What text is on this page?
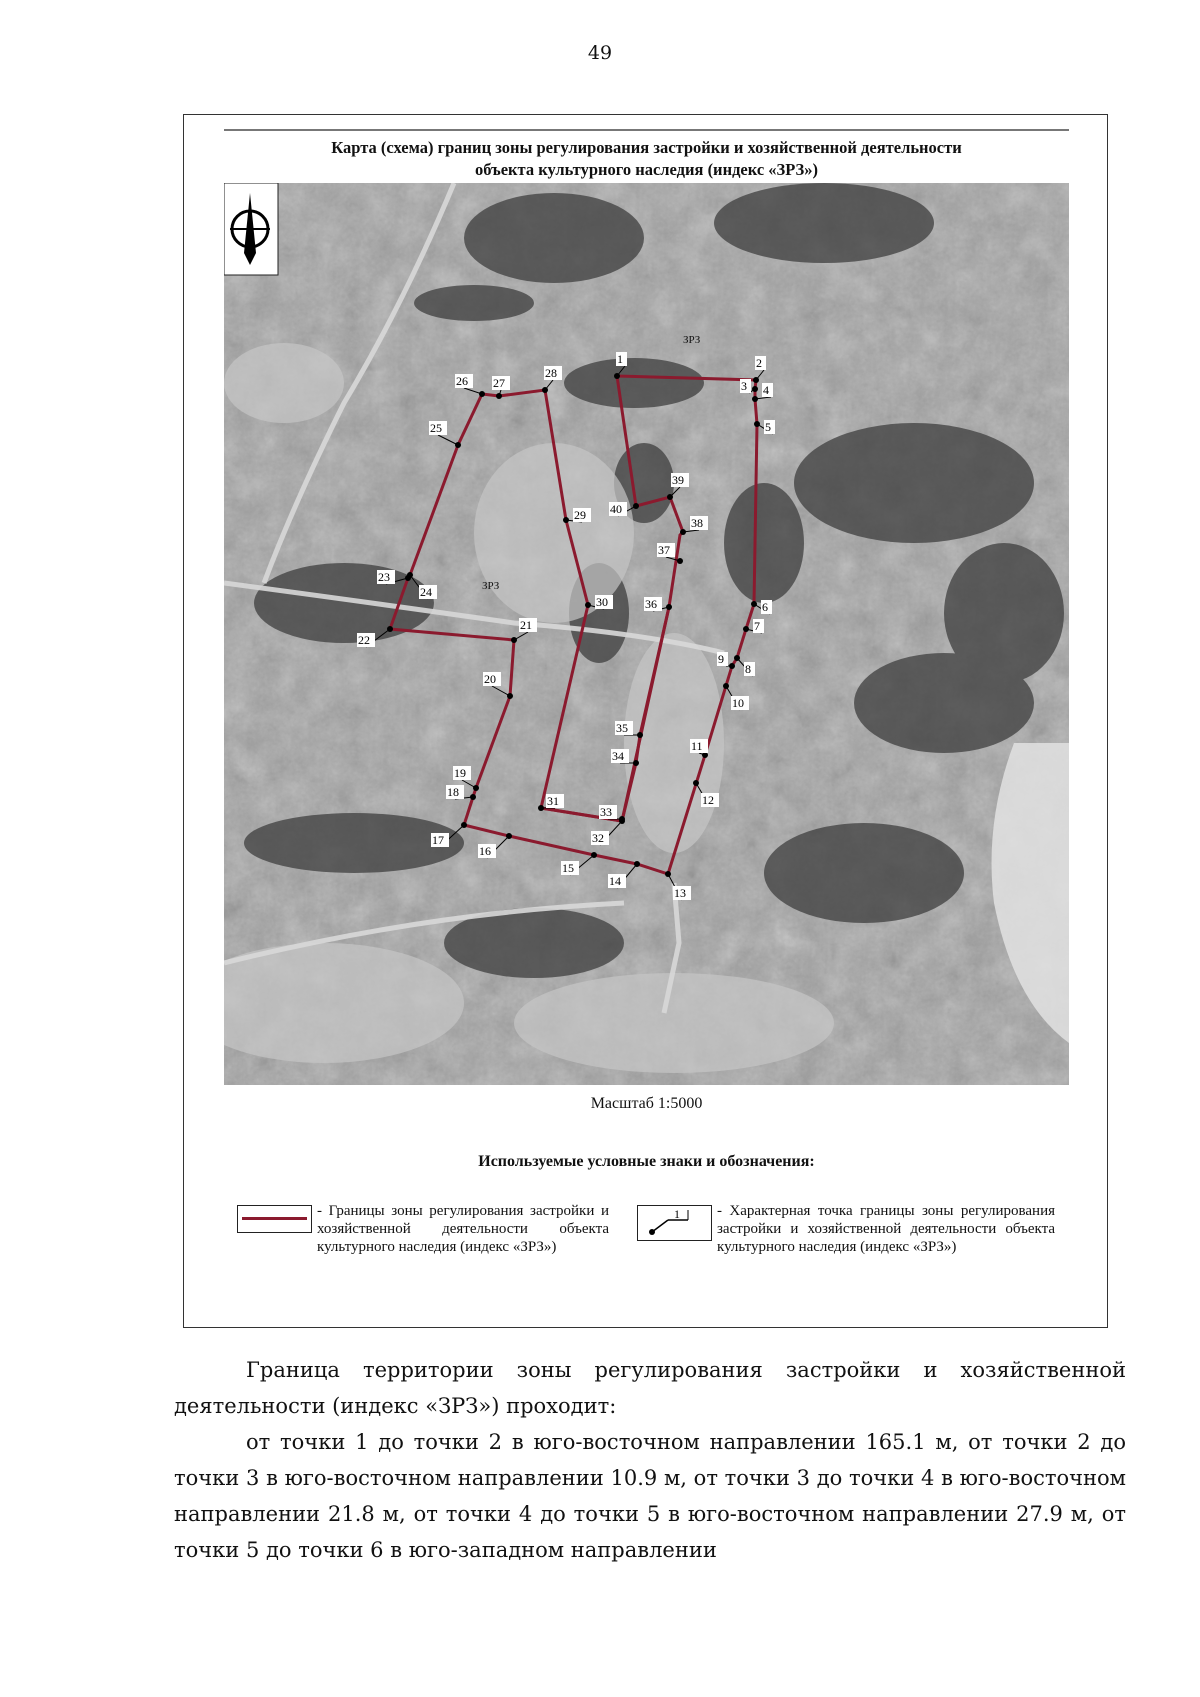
49
Карта (схема) границ зоны регулирования застройки и хозяйственной деятельности
объекта культурного наследия (индекс «ЗРЗ»)
ЗРЗ
ЗРЗ
1	2
3 4
5
6
7
8
9
10
11
12
13
14
15
16
17
18
19
20
21
22
23
24
25
26 27
28
29
30
31
32
33
34
35
36
37
38
39
40
Масштаб 1:5000
Используемые условные знаки и обозначения:
- Границы зоны регулирования застройки и хозяйственной деятельности объекта культурного наследия (индекс «ЗРЗ»)
1 - Характерная точка границы зоны регулирования застройки и хозяйственной деятельности объекта культурного наследия (индекс «ЗРЗ»)

Граница территории зоны регулирования застройки и хозяйственной деятельности (индекс «ЗРЗ») проходит:

от точки 1 до точки 2 в юго-восточном направлении 165.1 м, от точки 2 до точки 3 в юго-восточном направлении 10.9 м, от точки 3 до точки 4 в юго-восточном направлении 21.8 м, от точки 4 до точки 5 в юго-восточном направлении 27.9 м, от точки 5 до точки 6 в юго-западном направлении
